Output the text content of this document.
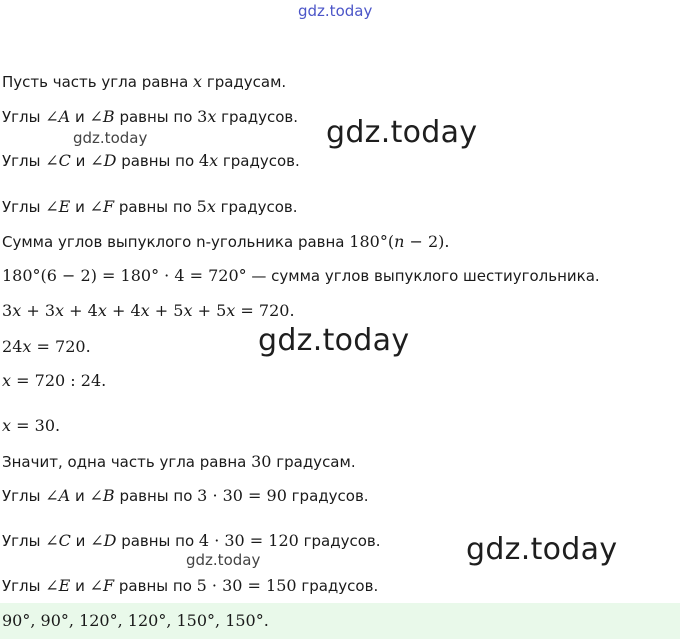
gdz.today
gdz.today	gdz.today
gdz.today
gdz.today	gdz.today
Пусть часть угла равна x градусам.
Углы ∠A и ∠B равны по 3x градусов.
Углы ∠C и ∠D равны по 4x градусов.
Углы ∠E и ∠F равны по 5x градусов.
Сумма углов выпуклого n-угольника равна 180°(n − 2).
180°(6 − 2) = 180° · 4 = 720° — сумма углов выпуклого шестиугольника.
3x + 3x + 4x + 4x + 5x + 5x = 720.
24x = 720.
x = 720 : 24.
x = 30.
Значит, одна часть угла равна 30 градусам.
Углы ∠A и ∠B равны по 3 · 30 = 90 градусов.
Углы ∠C и ∠D равны по 4 · 30 = 120 градусов.
Углы ∠E и ∠F равны по 5 · 30 = 150 градусов.
90°, 90°, 120°, 120°, 150°, 150°.
